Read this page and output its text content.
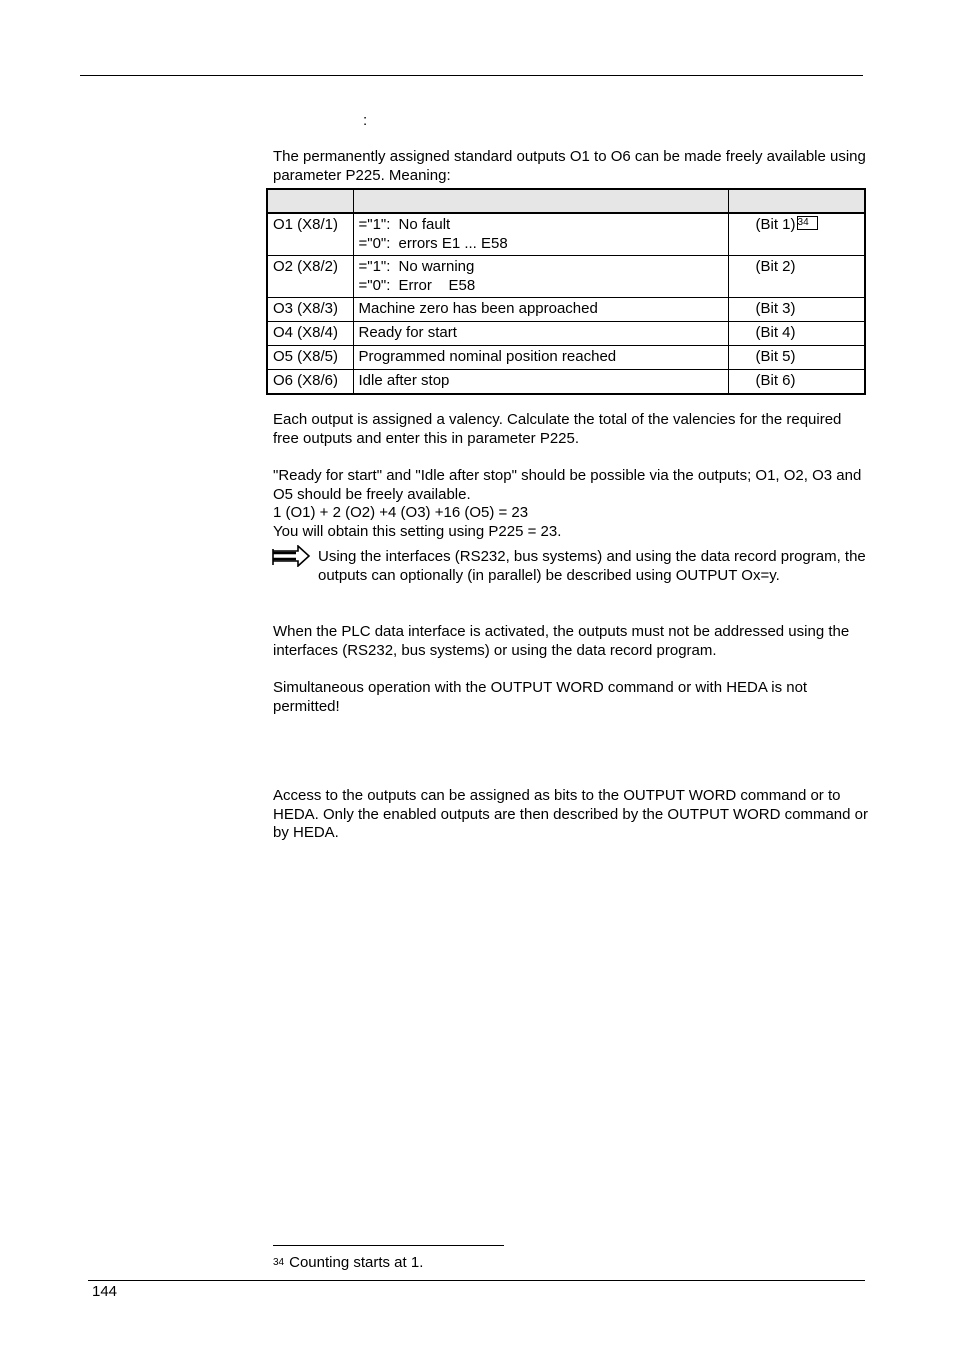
:

The permanently assigned standard outputs O1 to O6 can be made freely available using parameter P225. Meaning:

O1 (X8/1)	="1": No fault
="0": errors E1 ... E58	(Bit 1) 34
O2 (X8/2)	="1": No warning
="0": Error    E58	(Bit 2)
O3 (X8/3)	Machine zero has been approached	(Bit 3)
O4 (X8/4)	Ready for start	(Bit 4)
O5 (X8/5)	Programmed nominal position reached	(Bit 5)
O6 (X8/6)	Idle after stop	(Bit 6)

Each output is assigned a valency. Calculate the total of the valencies for the required free outputs and enter this in parameter P225.

"Ready for start" and "Idle after stop" should be possible via the outputs; O1, O2, O3 and O5 should be freely available.

1 (O1) + 2 (O2) +4 (O3) +16 (O5) = 23

You will obtain this setting using P225 = 23.

Using the interfaces (RS232, bus systems) and using the data record program, the outputs can optionally (in parallel) be described using OUTPUT Ox=y.

When the PLC data interface is activated, the outputs must not be addressed using the interfaces (RS232, bus systems) or using the data record program.

Simultaneous operation with the OUTPUT WORD command or with HEDA is not permitted!

Access to the outputs can be assigned as bits to the OUTPUT WORD command or to HEDA. Only the enabled outputs are then described by the OUTPUT WORD command or by HEDA.

$^{34}$ Counting starts at 1.
144
